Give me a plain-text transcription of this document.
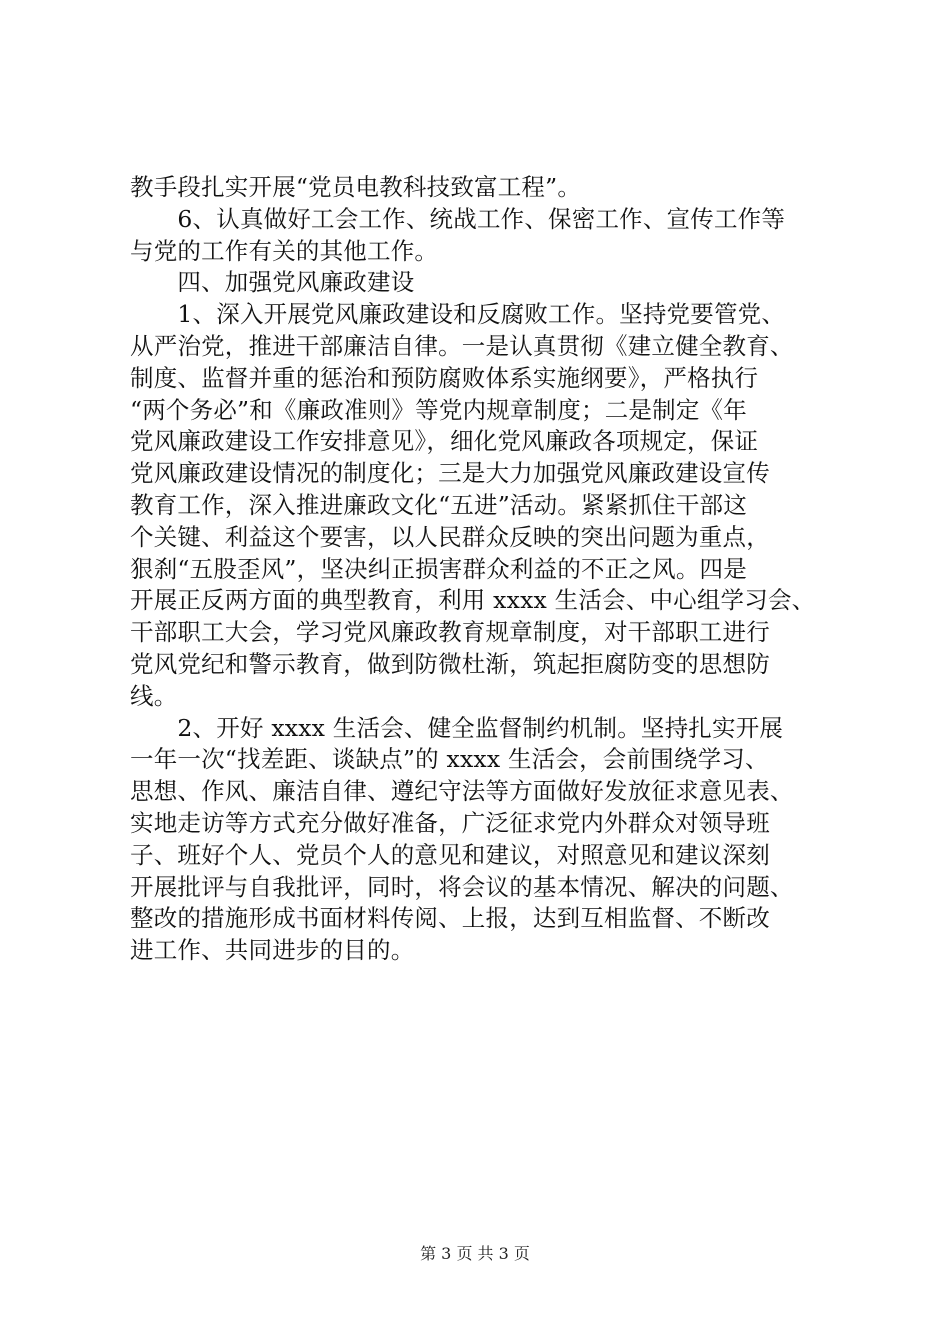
教手段扎实开展“党员电教科技致富工程”。
　　6、认真做好工会工作、统战工作、保密工作、宣传工作等
与党的工作有关的其他工作。
　　四、加强党风廉政建设
　　1、深入开展党风廉政建设和反腐败工作。坚持党要管党、
从严治党，推进干部廉洁自律。一是认真贯彻《建立健全教育、
制度、监督并重的惩治和预防腐败体系实施纲要》，严格执行
“两个务必”和《廉政准则》等党内规章制度；二是制定《年
党风廉政建设工作安排意见》，细化党风廉政各项规定，保证
党风廉政建设情况的制度化；三是大力加强党风廉政建设宣传
教育工作，深入推进廉政文化“五进”活动。紧紧抓住干部这
个关键、利益这个要害，以人民群众反映的突出问题为重点，
狠刹“五股歪风”，坚决纠正损害群众利益的不正之风。四是
开展正反两方面的典型教育，利用 xxxx 生活会、中心组学习会、
干部职工大会，学习党风廉政教育规章制度，对干部职工进行
党风党纪和警示教育，做到防微杜渐，筑起拒腐防变的思想防
线。
　　2、开好 xxxx 生活会、健全监督制约机制。坚持扎实开展
一年一次“找差距、谈缺点”的 xxxx 生活会，会前围绕学习、
思想、作风、廉洁自律、遵纪守法等方面做好发放征求意见表、
实地走访等方式充分做好准备，广泛征求党内外群众对领导班
子、班好个人、党员个人的意见和建议，对照意见和建议深刻
开展批评与自我批评，同时，将会议的基本情况、解决的问题、
整改的措施形成书面材料传阅、上报，达到互相监督、不断改
进工作、共同进步的目的。
第 3 页 共 3 页
